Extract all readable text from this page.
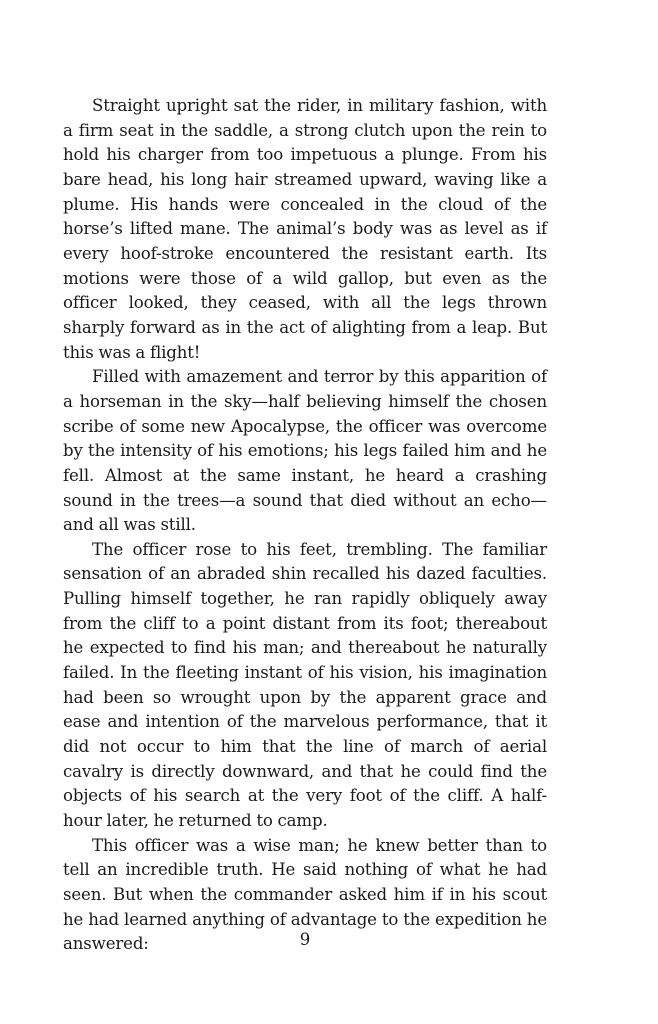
Straight upright sat the rider, in military fashion, with a firm seat in the saddle, a strong clutch upon the rein to hold his charger from too impetuous a plunge. From his bare head, his long hair streamed upward, waving like a plume. His hands were concealed in the cloud of the horse’s lifted mane. The animal’s body was as level as if every hoof-stroke encountered the resistant earth. Its motions were those of a wild gallop, but even as the officer looked, they ceased, with all the legs thrown sharply forward as in the act of alighting from a leap. But this was a flight!

Filled with amazement and terror by this apparition of a horseman in the sky—half believing himself the chosen scribe of some new Apocalypse, the officer was overcome by the intensity of his emotions; his legs failed him and he fell. Almost at the same instant, he heard a crashing sound in the trees—a sound that died without an echo—and all was still.

The officer rose to his feet, trembling. The familiar sensation of an abraded shin recalled his dazed faculties. Pulling himself together, he ran rapidly obliquely away from the cliff to a point distant from its foot; thereabout he expected to find his man; and thereabout he naturally failed. In the fleeting instant of his vision, his imagination had been so wrought upon by the apparent grace and ease and intention of the marvelous performance, that it did not occur to him that the line of march of aerial cavalry is directly downward, and that he could find the objects of his search at the very foot of the cliff. A half-hour later, he returned to camp.

This officer was a wise man; he knew better than to tell an incredible truth. He said nothing of what he had seen. But when the commander asked him if in his scout he had learned anything of advantage to the expedition he answered:	9
